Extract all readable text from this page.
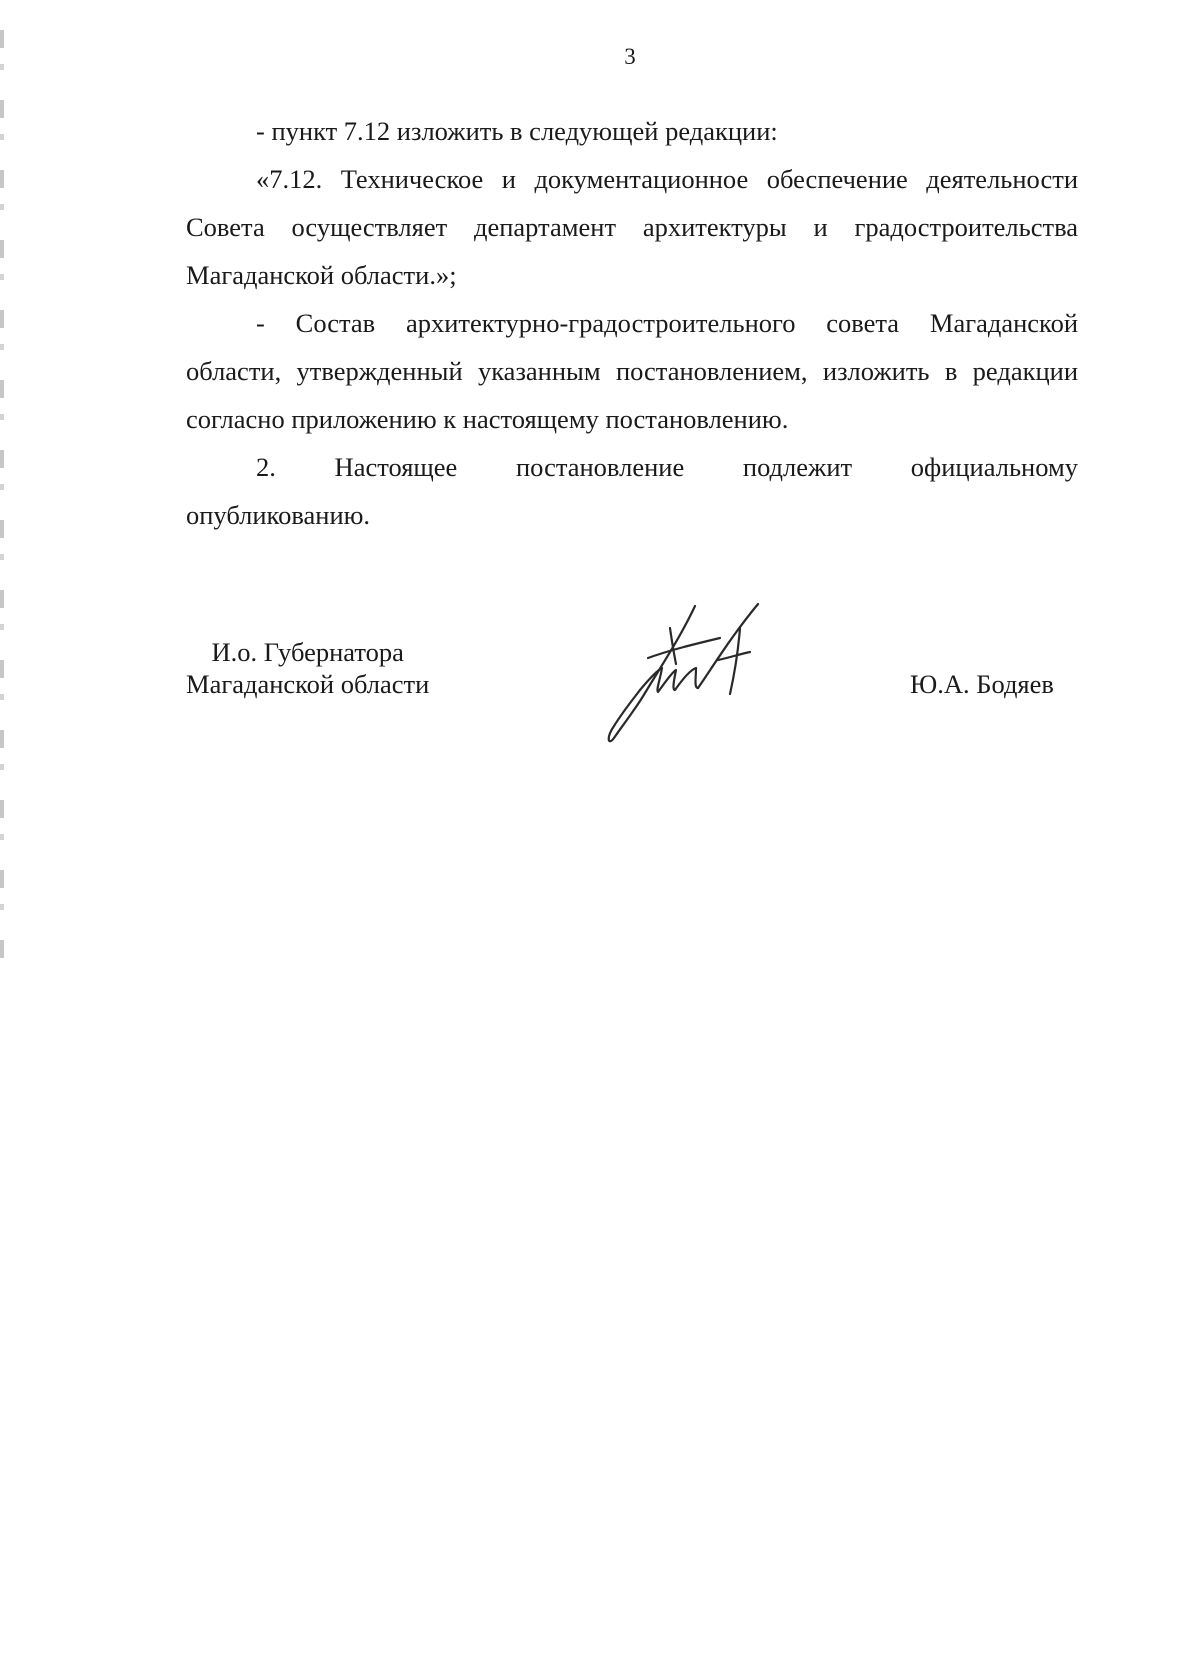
3

- пункт 7.12 изложить в следующей редакции:

«7.12. Техническое и документационное обеспечение деятельности Совета осуществляет департамент архитектуры и градостроительства Магаданской области.»;

- Состав архитектурно-градостроительного совета Магаданской области, утвержденный указанным постановлением, изложить в редакции согласно приложению к настоящему постановлению.

2. Настоящее постановление подлежит официальному

опубликованию.

И.о. Губернатора
Магаданской области	Ю.А. Бодяев
